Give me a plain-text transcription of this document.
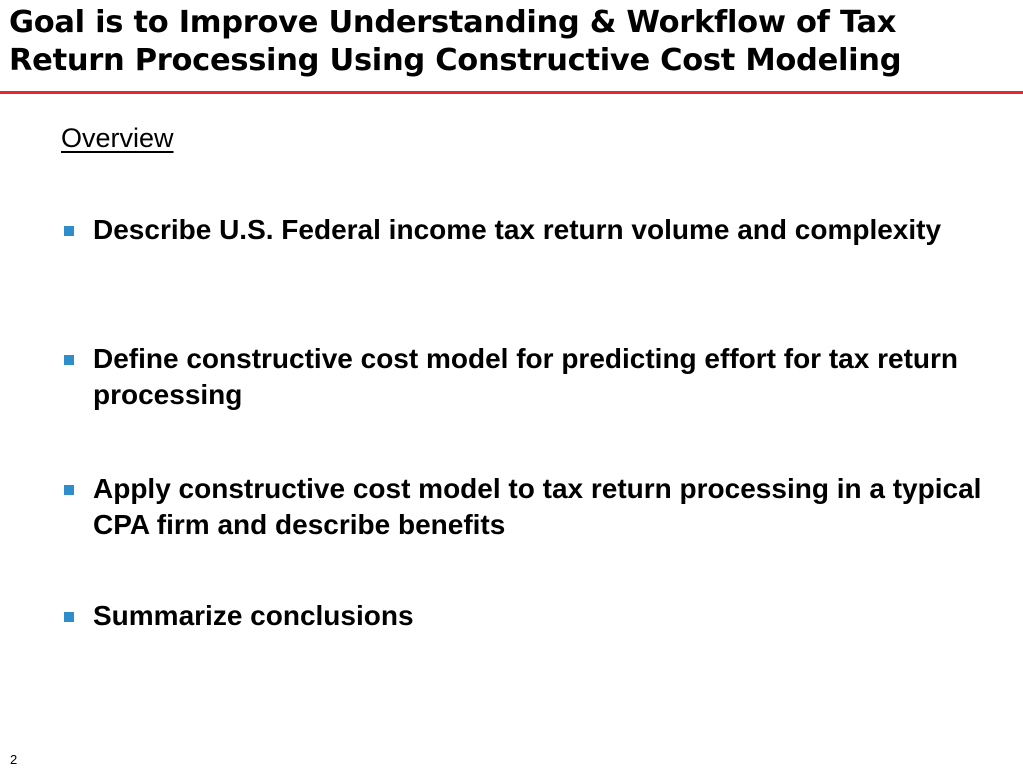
Goal is to Improve Understanding & Workflow of Tax
Return Processing Using Constructive Cost Modeling

Overview

Describe U.S. Federal income tax return volume and complexity
Define constructive cost model for predicting effort for tax return processing
Apply constructive cost model to tax return processing in a typical CPA firm and describe benefits
Summarize conclusions
2
